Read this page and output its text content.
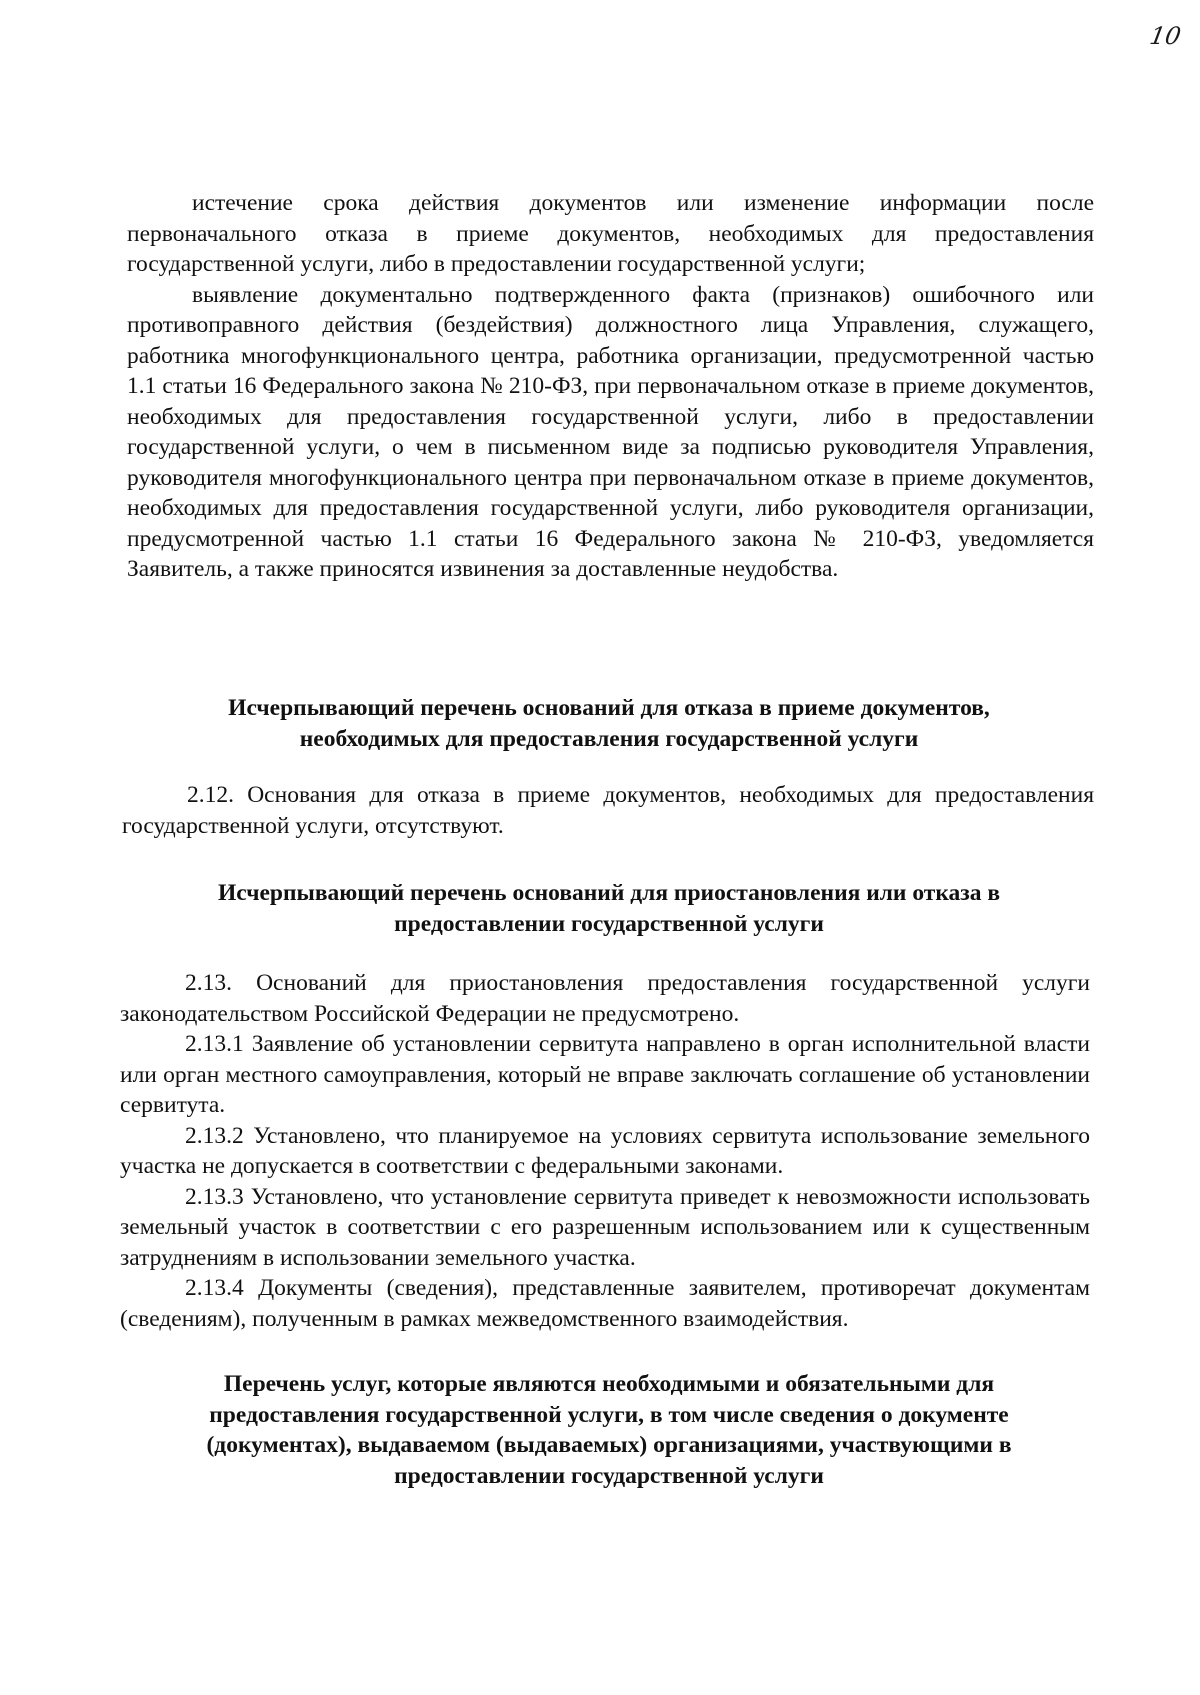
10

истечение срока действия документов или изменение информации после первоначального отказа в приеме документов, необходимых для предоставления государственной услуги, либо в предоставлении государственной услуги;

выявление документально подтвержденного факта (признаков) ошибочного или противоправного действия (бездействия) должностного лица Управления, служащего, работника многофункционального центра, работника организации, предусмотренной частью 1.1 статьи 16 Федерального закона № 210-ФЗ, при первоначальном отказе в приеме документов, необходимых для предоставления государственной услуги, либо в предоставлении государственной услуги, о чем в письменном виде за подписью руководителя Управления, руководителя многофункционального центра при первоначальном отказе в приеме документов, необходимых для предоставления государственной услуги, либо руководителя организации, предусмотренной частью 1.1 статьи 16 Федерального закона № 210-ФЗ, уведомляется Заявитель, а также приносятся извинения за доставленные неудобства.

Исчерпывающий перечень оснований для отказа в приеме документов,
необходимых для предоставления государственной услуги

2.12. Основания для отказа в приеме документов, необходимых для предоставления государственной услуги, отсутствуют.

Исчерпывающий перечень оснований для приостановления или отказа в
предоставлении государственной услуги

2.13. Оснований для приостановления предоставления государственной услуги законодательством Российской Федерации не предусмотрено.

2.13.1 Заявление об установлении сервитута направлено в орган исполнительной власти или орган местного самоуправления, который не вправе заключать соглашение об установлении сервитута.

2.13.2 Установлено, что планируемое на условиях сервитута использование земельного участка не допускается в соответствии с федеральными законами.

2.13.3 Установлено, что установление сервитута приведет к невозможности использовать земельный участок в соответствии с его разрешенным использованием или к существенным затруднениям в использовании земельного участка.

2.13.4 Документы (сведения), представленные заявителем, противоречат документам (сведениям), полученным в рамках межведомственного взаимодействия.

Перечень услуг, которые являются необходимыми и обязательными для
предоставления государственной услуги, в том числе сведения о документе
(документах), выдаваемом (выдаваемых) организациями, участвующими в
предоставлении государственной услуги
